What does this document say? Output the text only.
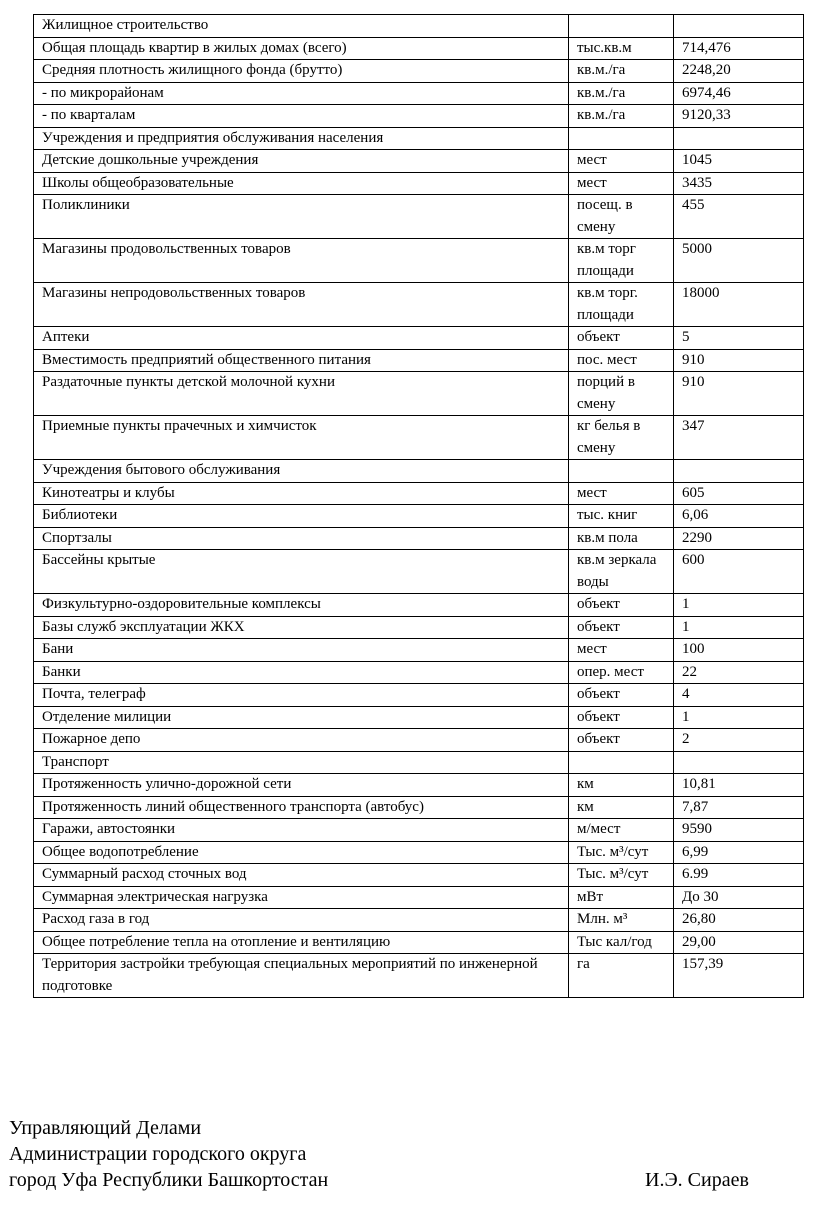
Жилищное строительство		
Общая площадь квартир в жилых домах (всего)	тыс.кв.м	714,476
Средняя плотность жилищного фонда (брутто)	кв.м./га	2248,20
- по микрорайонам	кв.м./га	6974,46
- по кварталам	кв.м./га	9120,33
Учреждения и предприятия обслуживания населения		
Детские дошкольные учреждения	мест	1045
Школы общеобразовательные	мест	3435
Поликлиники	посещ. в смену	455
Магазины продовольственных товаров	кв.м торг площади	5000
Магазины непродовольственных товаров	кв.м торг. площади	18000
Аптеки	объект	5
Вместимость предприятий общественного питания	пос. мест	910
Раздаточные пункты детской молочной кухни	порций в смену	910
Приемные пункты прачечных и химчисток	кг белья в смену	347
Учреждения бытового обслуживания		
Кинотеатры и клубы	мест	605
Библиотеки	тыс. книг	6,06
Спортзалы	кв.м пола	2290
Бассейны крытые	кв.м зеркала воды	600
Физкультурно-оздоровительные комплексы	объект	1
Базы служб эксплуатации ЖКХ	объект	1
Бани	мест	100
Банки	опер. мест	22
Почта, телеграф	объект	4
Отделение милиции	объект	1
Пожарное депо	объект	2
Транспорт		
Протяженность улично-дорожной сети	км	10,81
Протяженность линий общественного транспорта (автобус)	км	7,87
Гаражи, автостоянки	м/мест	9590
Общее водопотребление	Тыс. м³/сут	6,99
Суммарный расход сточных вод	Тыс. м³/сут	6.99
Суммарная электрическая нагрузка	мВт	До 30
Расход газа в год	Млн. м³	26,80
Общее потребление тепла на отопление и вентиляцию	Тыс кал/год	29,00
Территория застройки требующая специальных мероприятий по инженерной подготовке	га	157,39
Управляющий Делами
Администрации городского округа
город Уфа Республики Башкортостан	И.Э. Сираев
